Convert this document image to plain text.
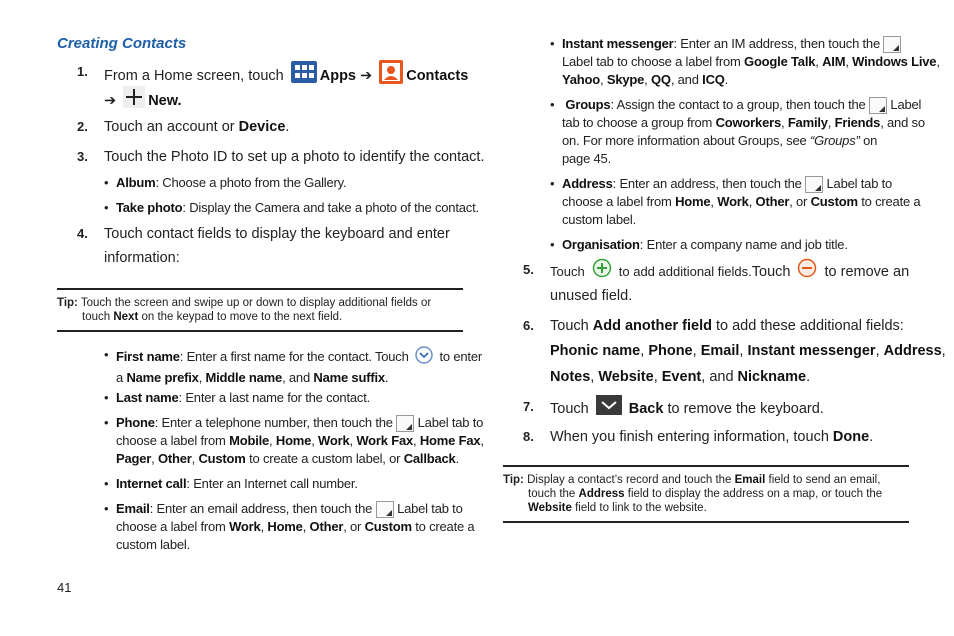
Creating Contacts
1. From a Home screen, touch Apps ➔ Contacts
➔ New.
2. Touch an account or Device.
3. Touch the Photo ID to set up a photo to identify the contact.
• Album: Choose a photo from the Gallery.
• Take photo: Display the Camera and take a photo of the contact.
4. Touch contact fields to display the keyboard and enter
information:
Tip: Touch the screen and swipe up or down to display additional fields or
touch Next on the keypad to move to the next field.
• First name: Enter a first name for the contact. Touch to enter
a Name prefix, Middle name, and Name suffix.
• Last name: Enter a last name for the contact.
• Phone: Enter a telephone number, then touch the Label tab to
choose a label from Mobile, Home, Work, Work Fax, Home Fax,
Pager, Other, Custom to create a custom label, or Callback.
• Internet call: Enter an Internet call number.
• Email: Enter an email address, then touch the Label tab to
choose a label from Work, Home, Other, or Custom to create a
custom label.
41
• Instant messenger: Enter an IM address, then touch the
Label tab to choose a label from Google Talk, AIM, Windows Live,
Yahoo, Skype, QQ, and ICQ.
• Groups: Assign the contact to a group, then touch the Label
tab to choose a group from Coworkers, Family, Friends, and so
on. For more information about Groups, see “Groups” on
page 45.
• Address: Enter an address, then touch the Label tab to
choose a label from Home, Work, Other, or Custom to create a
custom label.
• Organisation: Enter a company name and job title.
5. Touch	to add additional fields.Touch to remove an
unused field.
6. Touch Add another field to add these additional fields:
Phonic name, Phone, Email, Instant messenger, Address,
Notes, Website, Event, and Nickname.
7. Touch	Back to remove the keyboard.
8. When you finish entering information, touch Done.
Tip: Display a contact’s record and touch the Email field to send an email,
touch the Address field to display the address on a map, or touch the
Website field to link to the website.
